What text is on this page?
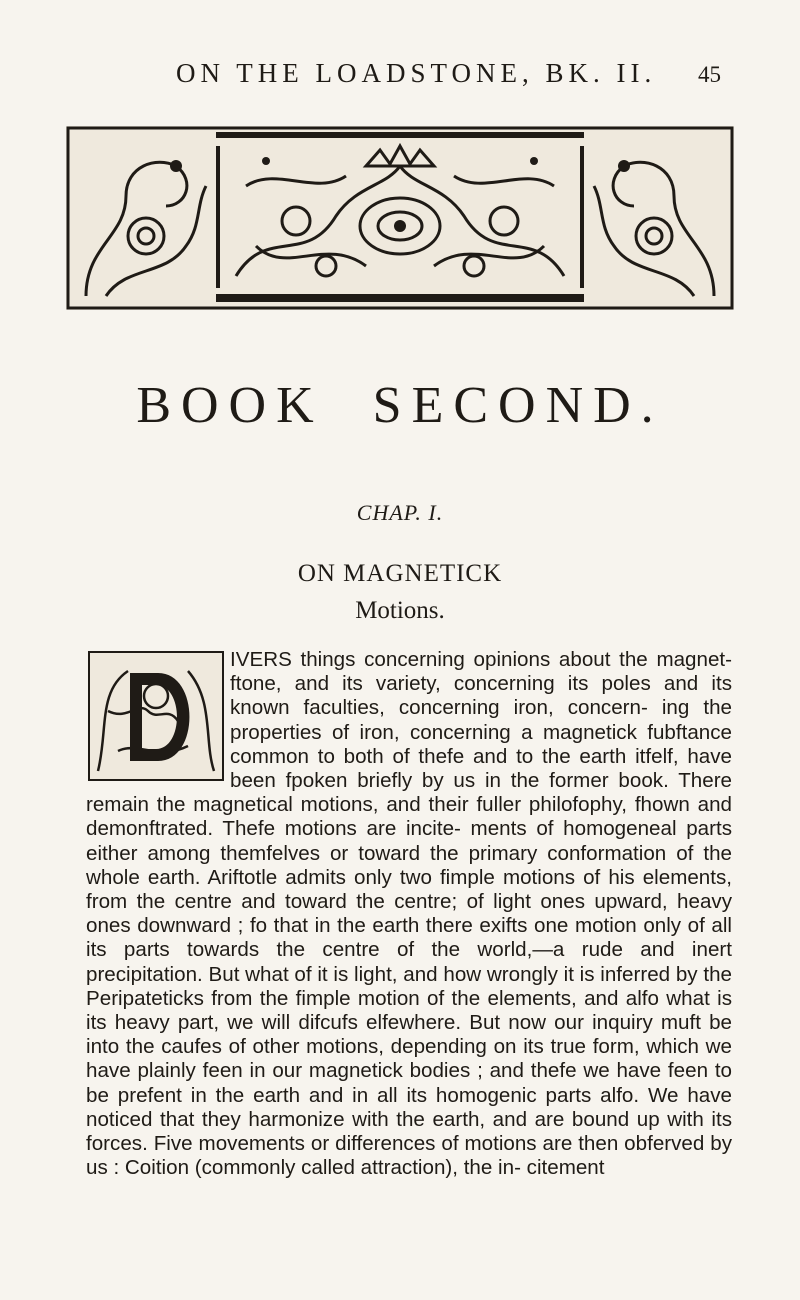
ON THE LOADSTONE, BK. II. 45
BOOK SECOND.
CHAP. I.
ON MAGNETICK
Motions.

IVERS things concerning opinions about the magnet-ftone, and its variety, concerning its poles and its known faculties, concerning iron, concern- ing the properties of iron, concerning a magnetick fubftance common to both of thefe and to the earth itfelf, have been fpoken briefly by us in the former book. There remain the magnetical motions, and their fuller philofophy, fhown and demonftrated. Thefe motions are incite- ments of homogeneal parts either among themfelves or toward the primary conformation of the whole earth. Ariftotle admits only two fimple motions of his elements, from the centre and toward the centre; of light ones upward, heavy ones downward ; fo that in the earth there exifts one motion only of all its parts towards the centre of the world,—a rude and inert precipitation. But what of it is light, and how wrongly it is inferred by the Peripateticks from the fimple motion of the elements, and alfo what is its heavy part, we will difcufs elfewhere. But now our inquiry muft be into the caufes of other motions, depending on its true form, which we have plainly feen in our magnetick bodies ; and thefe we have feen to be prefent in the earth and in all its homogenic parts alfo. We have noticed that they harmonize with the earth, and are bound up with its forces. Five movements or differences of motions are then obferved by us : Coition (commonly called attraction), the in- citement
